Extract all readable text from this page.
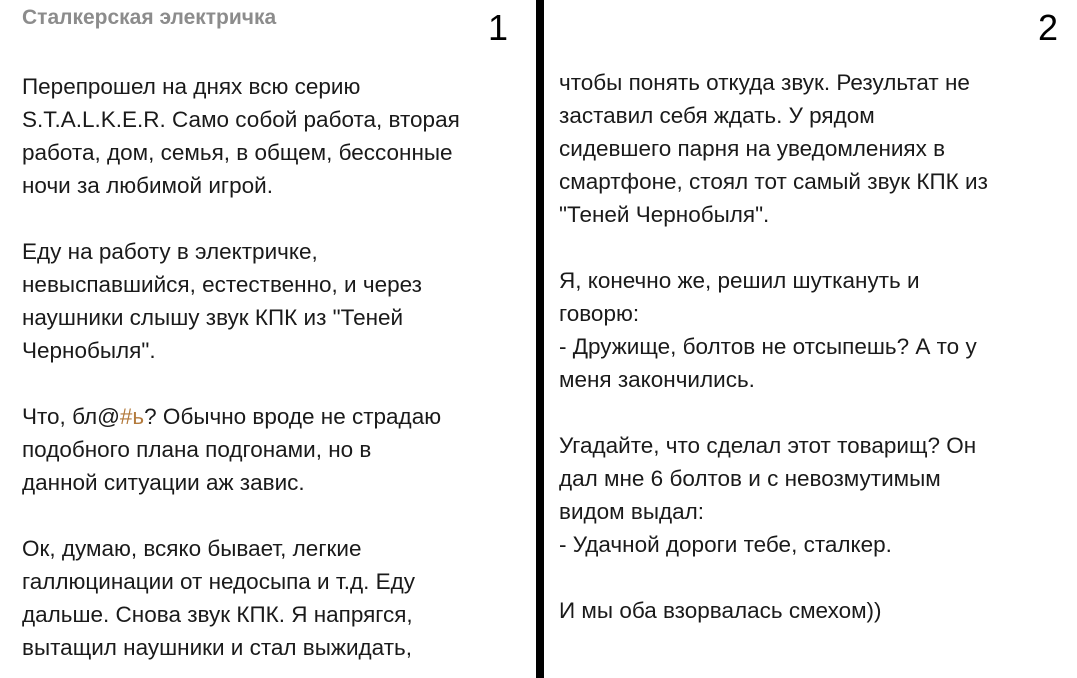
Сталкерская электричка	1

Перепрошел на днях всю серию
S.T.A.L.K.E.R. Само собой работа, вторая
работа, дом, семья, в общем, бессонные
ночи за любимой игрой.

Еду на работу в электричке,
невыспавшийся, естественно, и через
наушники слышу звук КПК из "Теней
Чернобыля".

Что, бл@#ь? Обычно вроде не страдаю
подобного плана подгонами, но в
данной ситуации аж завис.

Ок, думаю, всяко бывает, легкие
галлюцинации от недосыпа и т.д. Еду
дальше. Снова звук КПК. Я напрягся,
вытащил наушники и стал выжидать,

2

чтобы понять откуда звук. Результат не
заставил себя ждать. У рядом
сидевшего парня на уведомлениях в
смартфоне, стоял тот самый звук КПК из
"Теней Чернобыля".

Я, конечно же, решил шуткануть и
говорю:
- Дружище, болтов не отсыпешь? А то у
меня закончились.

Угадайте, что сделал этот товарищ? Он
дал мне 6 болтов и с невозмутимым
видом выдал:
- Удачной дороги тебе, сталкер.

И мы оба взорвалась смехом))
